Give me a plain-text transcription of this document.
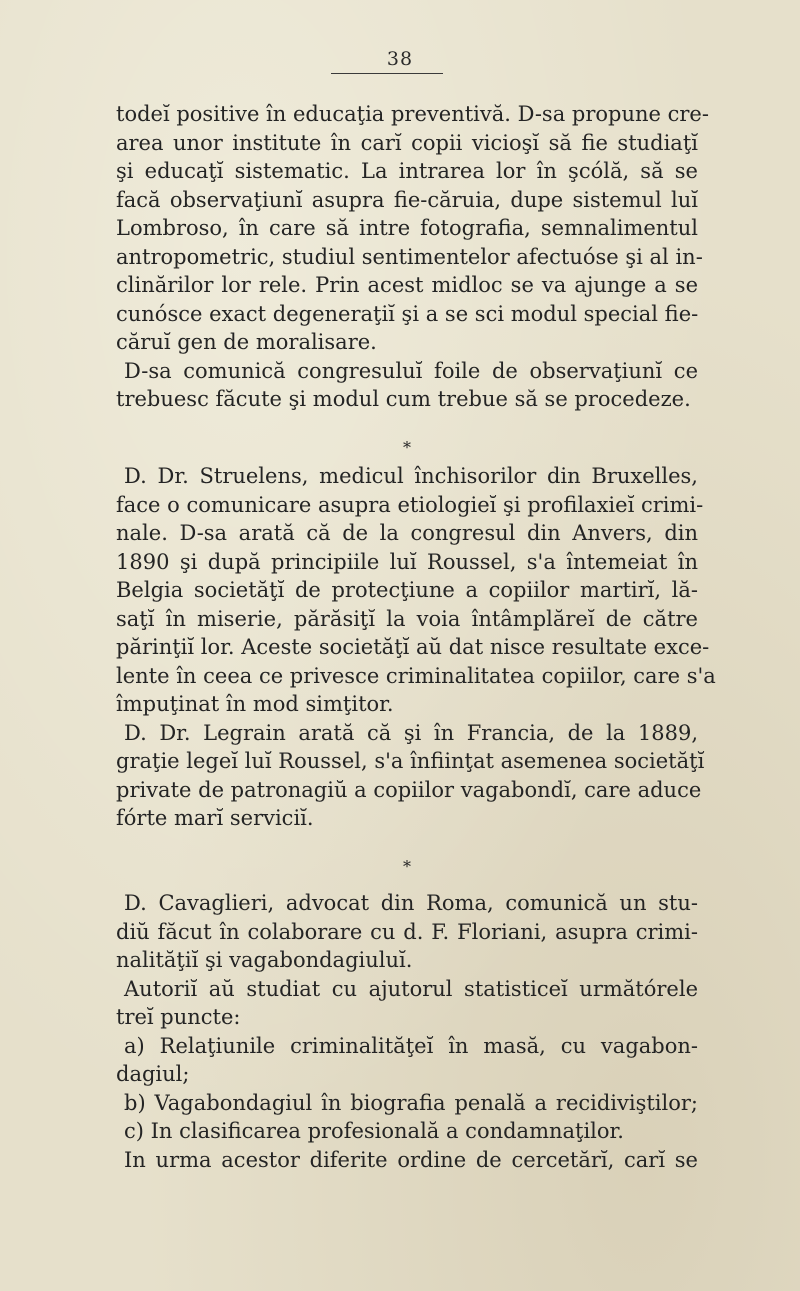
38
todeĭ positive în educaţia preventivă. D-sa propune cre-
area unor institute în carĭ copii vicioşĭ să fie studiaţĭ
şi educaţĭ sistematic. La intrarea lor în şcólă, să se
facă observaţiunĭ asupra fie-căruia, dupe sistemul luĭ
Lombroso, în care să intre fotografia, semnalimentul
antropometric, studiul sentimentelor afectuóse şi al in-
clinărilor lor rele. Prin acest midloc se va ajunge a se
cunósce exact degeneraţiĭ şi a se sci modul special fie-
căruĭ gen de moralisare.
D-sa comunică congresuluĭ foile de observaţiunĭ ce
trebuesc făcute şi modul cum trebue să se procedeze.
*
D. Dr. Struelens, medicul închisorilor din Bruxelles,
face o comunicare asupra etiologieĭ şi profilaxieĭ crimi-
nale. D-sa arată că de la congresul din Anvers, din
1890 şi după principiile luĭ Roussel, s'a întemeiat în
Belgia societăţĭ de protecţiune a copiilor martirĭ, lă-
saţĭ în miserie, părăsiţĭ la voia întâmplăreĭ de către
părinţiĭ lor. Aceste societăţĭ aŭ dat nisce resultate exce-
lente în ceea ce privesce criminalitatea copiilor, care s'a
împuţinat în mod simţitor.
D. Dr. Legrain arată că şi în Francia, de la 1889,
graţie legeĭ luĭ Roussel, s'a înfiinţat asemenea societăţĭ
private de patronagiŭ a copiilor vagabondĭ, care aduce
fórte marĭ serviciĭ.
*
D. Cavaglieri, advocat din Roma, comunică un stu-
diŭ făcut în colaborare cu d. F. Floriani, asupra crimi-
nalităţiĭ şi vagabondagiuluĭ.
Autoriĭ aŭ studiat cu ajutorul statisticeĭ următórele
treĭ puncte:
a) Relaţiunile criminalităţeĭ în masă, cu vagabon-
dagiul;
b) Vagabondagiul în biografia penală a recidiviştilor;
c) In clasificarea profesională a condamnaţilor.
In urma acestor diferite ordine de cercetărĭ, carĭ se
